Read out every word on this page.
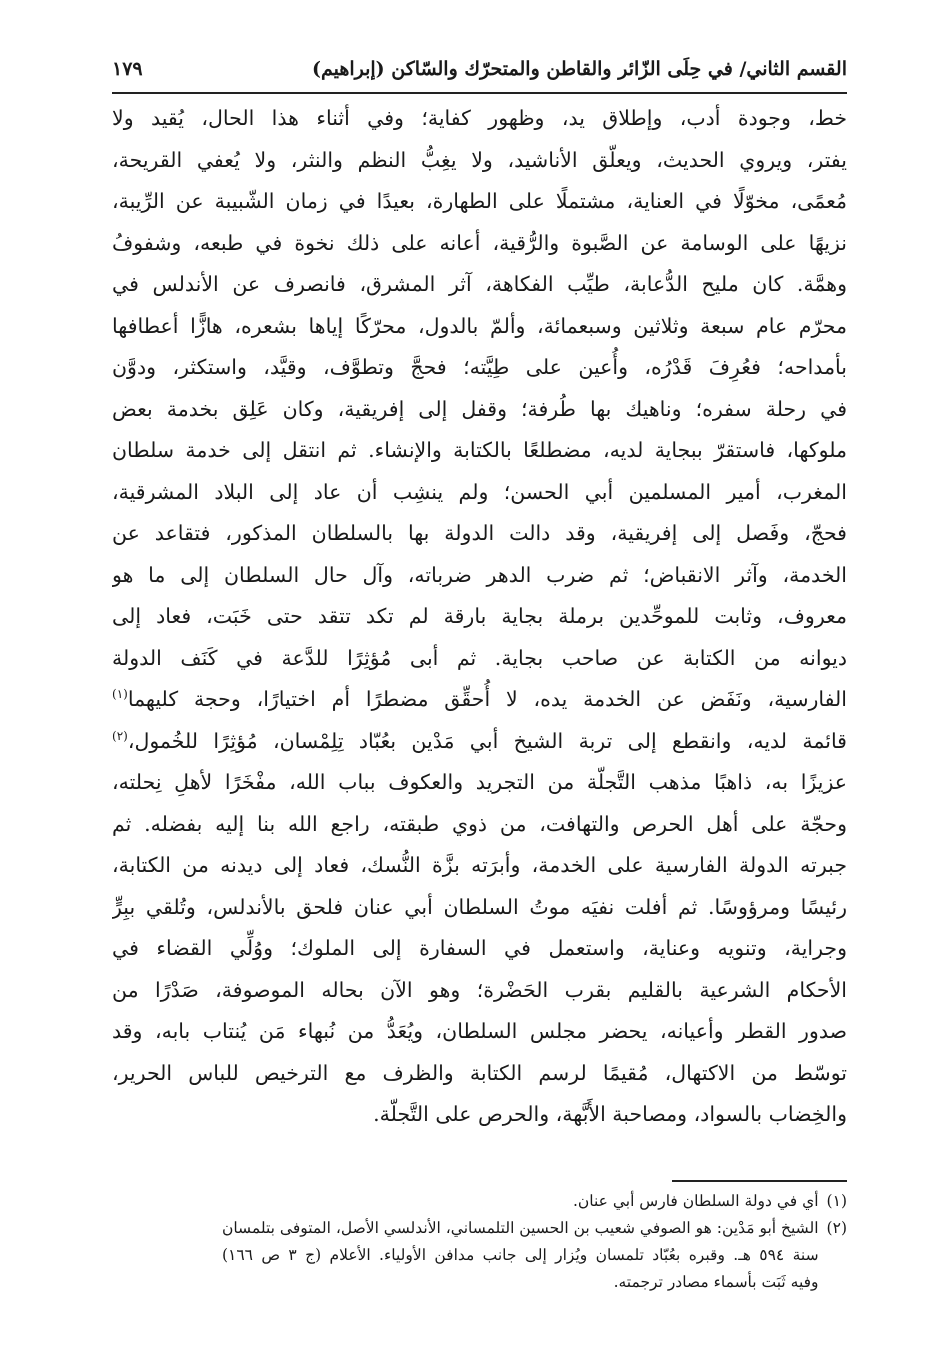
القسم الثاني/ في حِلَى الزّائر والقاطن والمتحرّك والسّاكن (إبراهيم)
١٧٩
خط، وجودة أدب، وإطلاق يد، وظهور كفاية؛ وفي أثناء هذا الحال، يُقيد ولا
يفتر، ويروي الحديث، ويعلّق الأناشيد، ولا يغِبُّ النظم والنثر، ولا يُعفي القريحة،
مُعمًى، مخوّلًا في العناية، مشتملًا على الطهارة، بعيدًا في زمان الشّبيبة عن الرِّيبة،
نزيهًا على الوسامة عن الصَّبوة والرُّقية، أعانه على ذلك نخوة في طبعه، وشفوفُ
وهمَّة. كان مليح الدُّعابة، طيِّب الفكاهة، آثر المشرق، فانصرف عن الأندلس في
محرّم عام سبعة وثلاثين وسبعمائة، وألمّ بالدول، محرّكًا إياها بشعره، هازًّا أعطافها
بأمداحه؛ فعُرِفَ قَدْرُه، وأُعين على طِيَّته؛ فحجَّ وتطوَّف، وقيَّد، واستكثر، ودوَّن
في رحلة سفره؛ وناهيك بها طُرفة؛ وقفل إلى إفريقية، وكان عَلِق بخدمة بعض
ملوكها، فاستقرّ ببجاية لديه، مضطلعًا بالكتابة والإنشاء. ثم انتقل إلى خدمة سلطان
المغرب، أمير المسلمين أبي الحسن؛ ولم ينشِب أن عاد إلى البلاد المشرقية،
فحجّ، وفَصل إلى إفريقية، وقد دالت الدولة بها بالسلطان المذكور، فتقاعد عن
الخدمة، وآثر الانقباض؛ ثم ضرب الدهر ضرباته، وآل حال السلطان إلى ما هو
معروف، وثابت للموحِّدين برملة بجاية بارقة لم تكد تتقد حتى خَبَت، فعاد إلى
ديوانه من الكتابة عن صاحب بجاية. ثم أبى مُؤثِرًا للدَّعة في كَنَف الدولة
الفارسية، ونَفَض عن الخدمة يده، لا أُحقِّق مضطرًا أم اختيارًا، وحجة كليهما$^{(١)}$
قائمة لديه، وانقطع إلى تربة الشيخ أبي مَدْين بعُبّاد تِلِمْسان، مُؤثِرًا للخُمول،$^{(٢)}$
عزيزًا به، ذاهبًا مذهب التَّجلّة من التجريد والعكوف بباب الله، مفْخَرًا لأهلِ نِحلته،
وحجّة على أهل الحرص والتهافت، من ذوي طبقته، راجع الله بنا إليه بفضله. ثم
جبرته الدولة الفارسية على الخدمة، وأبرَته بزَّة النُّسك، فعاد إلى ديدنه من الكتابة،
رئيسًا ومرؤوسًا. ثم أفلت نفيَه موتُ السلطان أبي عنان فلحق بالأندلس، وتُلقي ببِرٍّ
وجراية، وتنويه وعناية، واستعمل في السفارة إلى الملوك؛ ووُلِّي القضاء في
الأحكام الشرعية بالقليم بقرب الحَضْرة؛ وهو الآن بحاله الموصوفة، صَدْرًا من
صدور القطر وأعيانه، يحضر مجلس السلطان، ويُعَدُّ من نُبهاء مَن يُنتاب بابه، وقد
توسّط من الاكتهال، مُقيمًا لرسم الكتابة والظرف مع الترخيص للباس الحرير،
والخِضاب بالسواد، ومصاحبة الأَبَّهة، والحرص على التَّجلّة.
(١)
أي في دولة السلطان فارس أبي عنان.
(٢)
الشيخ أبو مَدْين: هو الصوفي شعيب بن الحسين التلمساني، الأندلسي الأصل، المتوفى بتلمسان
سنة ٥٩٤ هـ. وقبره بعُبّاد تلمسان ويُزار إلى جانب مدافن الأولياء. الأعلام (ج ٣ ص ١٦٦)
وفيه ثَبَت بأسماء مصادر ترجمته.
